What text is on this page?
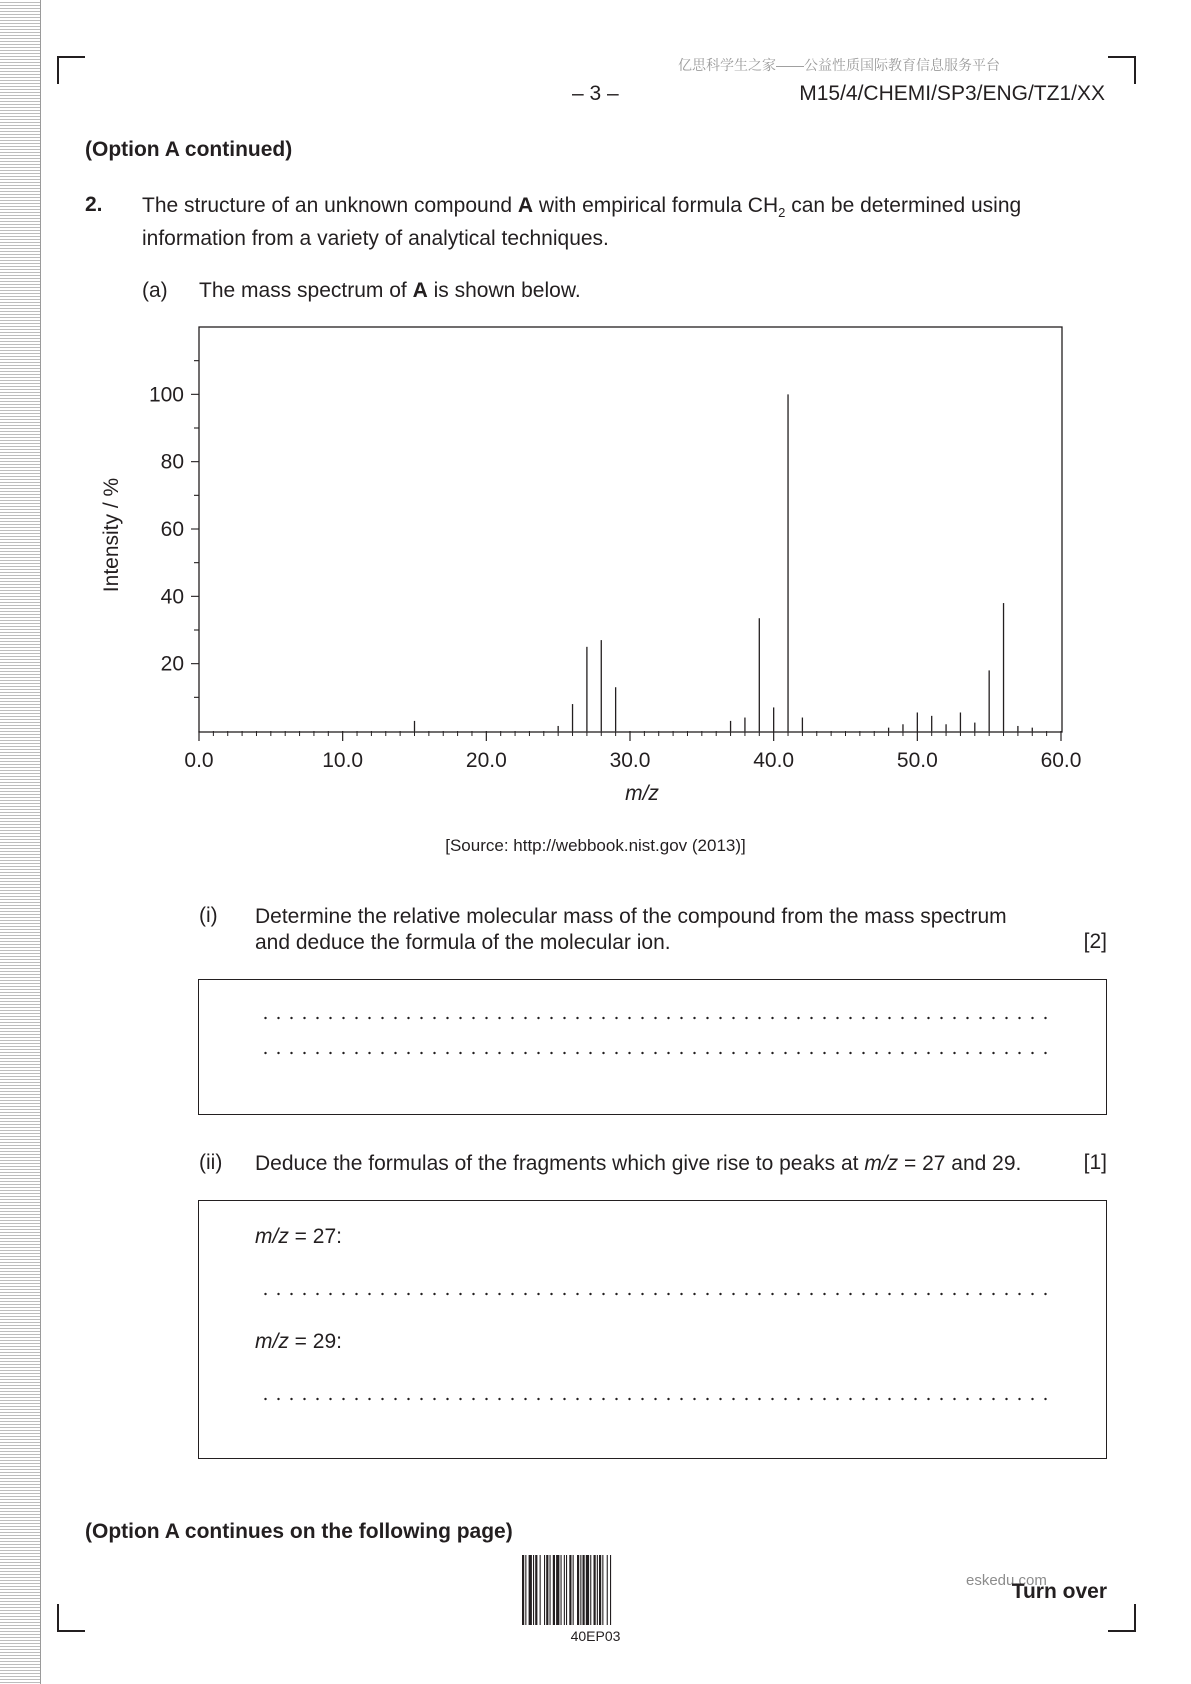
亿思科学生之家——公益性质国际教育信息服务平台
– 3 –	M15/4/CHEMI/SP3/ENG/TZ1/XX
(Option A continued)
2. The structure of an unknown compound A with empirical formula $CH_2$ can be determined using information from a variety of analytical techniques.
(a) The mass spectrum of A is shown below.
0.0	10.0	20.0	30.0	40.0	50.0	60.0
20
40
60
80
100
m/z
Intensity / %
[Source: http://webbook.nist.gov (2013)]
(i) Determine the relative molecular mass of the compound from the mass spectrum
and deduce the formula of the molecular ion.	[2]
(ii) Deduce the formulas of the fragments which give rise to peaks at m/z = 27 and 29.	[1]
m/z = 27:
m/z = 29:
(Option A continues on the following page)
40EP03
eskedu.com
Turn over
